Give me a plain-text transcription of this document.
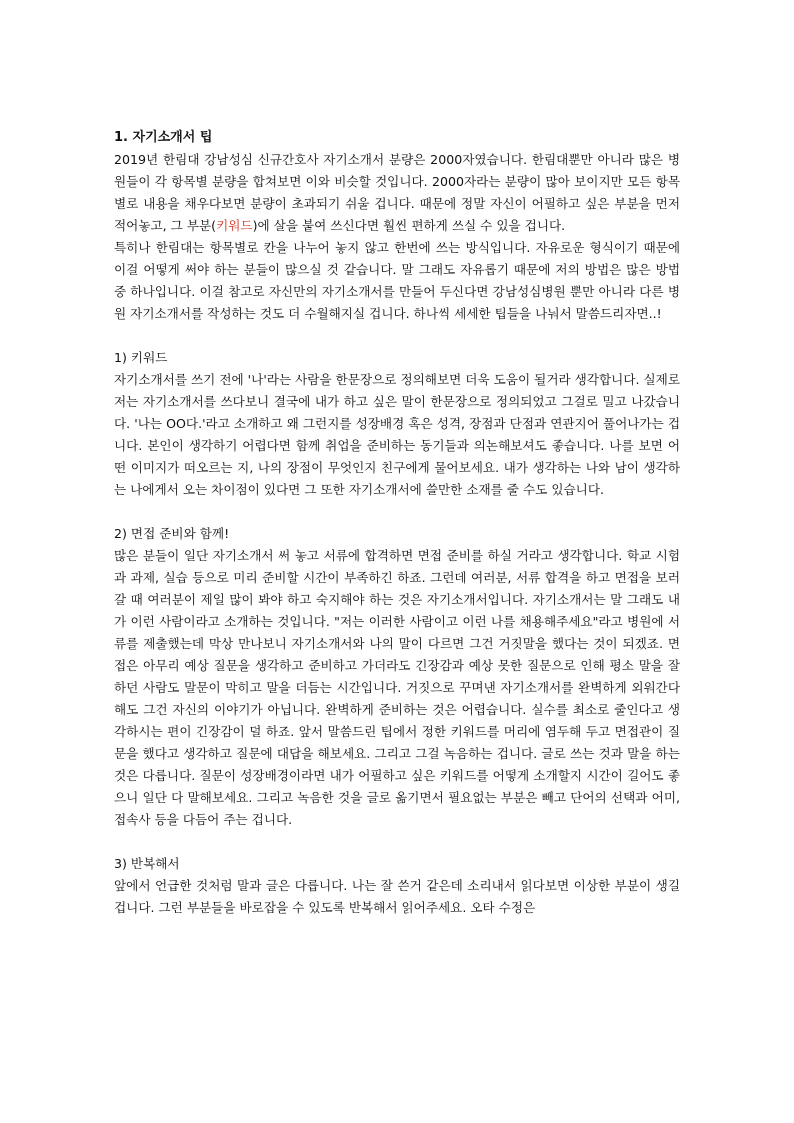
1. 자기소개서 팁

2019년 한림대 강남성심 신규간호사 자기소개서 분량은 2000자였습니다. 한림대뿐만 아니라 많은 병원들이 각 항목별 분량을 합쳐보면 이와 비슷할 것입니다. 2000자라는 분량이 많아 보이지만 모든 항목별로 내용을 채우다보면 분량이 초과되기 쉬울 겁니다. 때문에 정말 자신이 어필하고 싶은 부분을 먼저 적어놓고, 그 부분(키워드)에 살을 붙여 쓰신다면 훨씬 편하게 쓰실 수 있을 겁니다.

특히나 한림대는 항목별로 칸을 나누어 놓지 않고 한번에 쓰는 방식입니다. 자유로운 형식이기 때문에 이걸 어떻게 써야 하는 분들이 많으실 것 같습니다. 말 그래도 자유롭기 때문에 저의 방법은 많은 방법 중 하나입니다. 이걸 참고로 자신만의 자기소개서를 만들어 두신다면 강남성심병원 뿐만 아니라 다른 병원 자기소개서를 작성하는 것도 더 수월해지실 겁니다. 하나씩 세세한 팁들을 나눠서 말씀드리자면..!

1) 키워드

자기소개서를 쓰기 전에 '나'라는 사람을 한문장으로 정의해보면 더욱 도움이 될거라 생각합니다. 실제로 저는 자기소개서를 쓰다보니 결국에 내가 하고 싶은 말이 한문장으로 정의되었고 그걸로 밀고 나갔습니다. '나는 OO다.'라고 소개하고 왜 그런지를 성장배경 혹은 성격, 장점과 단점과 연관지어 풀어나가는 겁니다. 본인이 생각하기 어렵다면 함께 취업을 준비하는 동기들과 의논해보셔도 좋습니다. 나를 보면 어떤 이미지가 떠오르는 지, 나의 장점이 무엇인지 친구에게 물어보세요. 내가 생각하는 나와 남이 생각하는 나에게서 오는 차이점이 있다면 그 또한 자기소개서에 쓸만한 소재를 줄 수도 있습니다.

2) 면접 준비와 함께!

많은 분들이 일단 자기소개서 써 놓고 서류에 합격하면 면접 준비를 하실 거라고 생각합니다. 학교 시험과 과제, 실습 등으로 미리 준비할 시간이 부족하긴 하죠. 그런데 여러분, 서류 합격을 하고 면접을 보러갈 때 여러분이 제일 많이 봐야 하고 숙지해야 하는 것은 자기소개서입니다. 자기소개서는 말 그래도 내가 이런 사람이라고 소개하는 것입니다. "저는 이러한 사람이고 이런 나를 채용해주세요"라고 병원에 서류를 제출했는데 막상 만나보니 자기소개서와 나의 말이 다르면 그건 거짓말을 했다는 것이 되겠죠. 면접은 아무리 예상 질문을 생각하고 준비하고 가더라도 긴장감과 예상 못한 질문으로 인해 평소 말을 잘하던 사람도 말문이 막히고 말을 더듬는 시간입니다. 거짓으로 꾸며낸 자기소개서를 완벽하게 외워간다 해도 그건 자신의 이야기가 아닙니다. 완벽하게 준비하는 것은 어렵습니다. 실수를 최소로 줄인다고 생각하시는 편이 긴장감이 덜 하죠. 앞서 말씀드린 팁에서 정한 키워드를 머리에 염두해 두고 면접관이 질문을 했다고 생각하고 질문에 대답을 해보세요. 그리고 그걸 녹음하는 겁니다. 글로 쓰는 것과 말을 하는 것은 다릅니다. 질문이 성장배경이라면 내가 어필하고 싶은 키워드를 어떻게 소개할지 시간이 길어도 좋으니 일단 다 말해보세요. 그리고 녹음한 것을 글로 옮기면서 필요없는 부분은 빼고 단어의 선택과 어미, 접속사 등을 다듬어 주는 겁니다.

3) 반복해서

앞에서 언급한 것처럼 말과 글은 다릅니다. 나는 잘 쓴거 같은데 소리내서 읽다보면 이상한 부분이 생길 겁니다. 그런 부분들을 바로잡을 수 있도록 반복해서 읽어주세요. 오타 수정은
